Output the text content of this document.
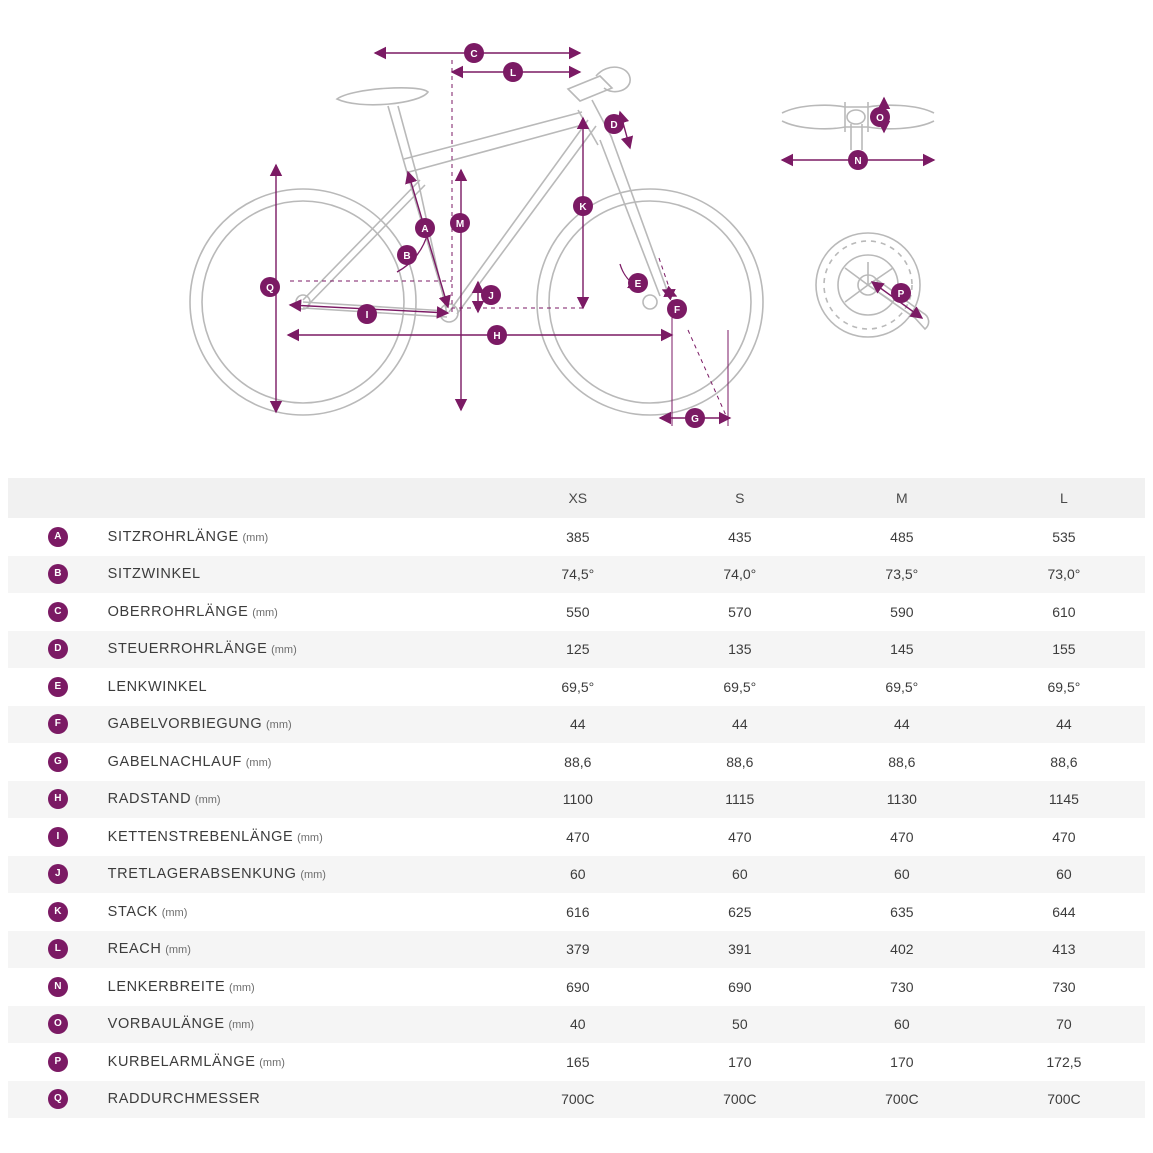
C
L
A
B
M
K
D
E
F
G
H
I
J
Q
N
O
P
		XS	S	M	L
A	SITZROHRLÄNGE (mm)	385	435	485	535
B	SITZWINKEL	74,5°	74,0°	73,5°	73,0°
C	OBERROHRLÄNGE (mm)	550	570	590	610
D	STEUERROHRLÄNGE (mm)	125	135	145	155
E	LENKWINKEL	69,5°	69,5°	69,5°	69,5°
F	GABELVORBIEGUNG (mm)	44	44	44	44
G	GABELNACHLAUF (mm)	88,6	88,6	88,6	88,6
H	RADSTAND (mm)	1100	1115	1130	1145
I	KETTENSTREBENLÄNGE (mm)	470	470	470	470
J	TRETLAGERABSENKUNG (mm)	60	60	60	60
K	STACK (mm)	616	625	635	644
L	REACH (mm)	379	391	402	413
N	LENKERBREITE (mm)	690	690	730	730
O	VORBAULÄNGE (mm)	40	50	60	70
P	KURBELARMLÄNGE (mm)	165	170	170	172,5
Q	RADDURCHMESSER	700C	700C	700C	700C
